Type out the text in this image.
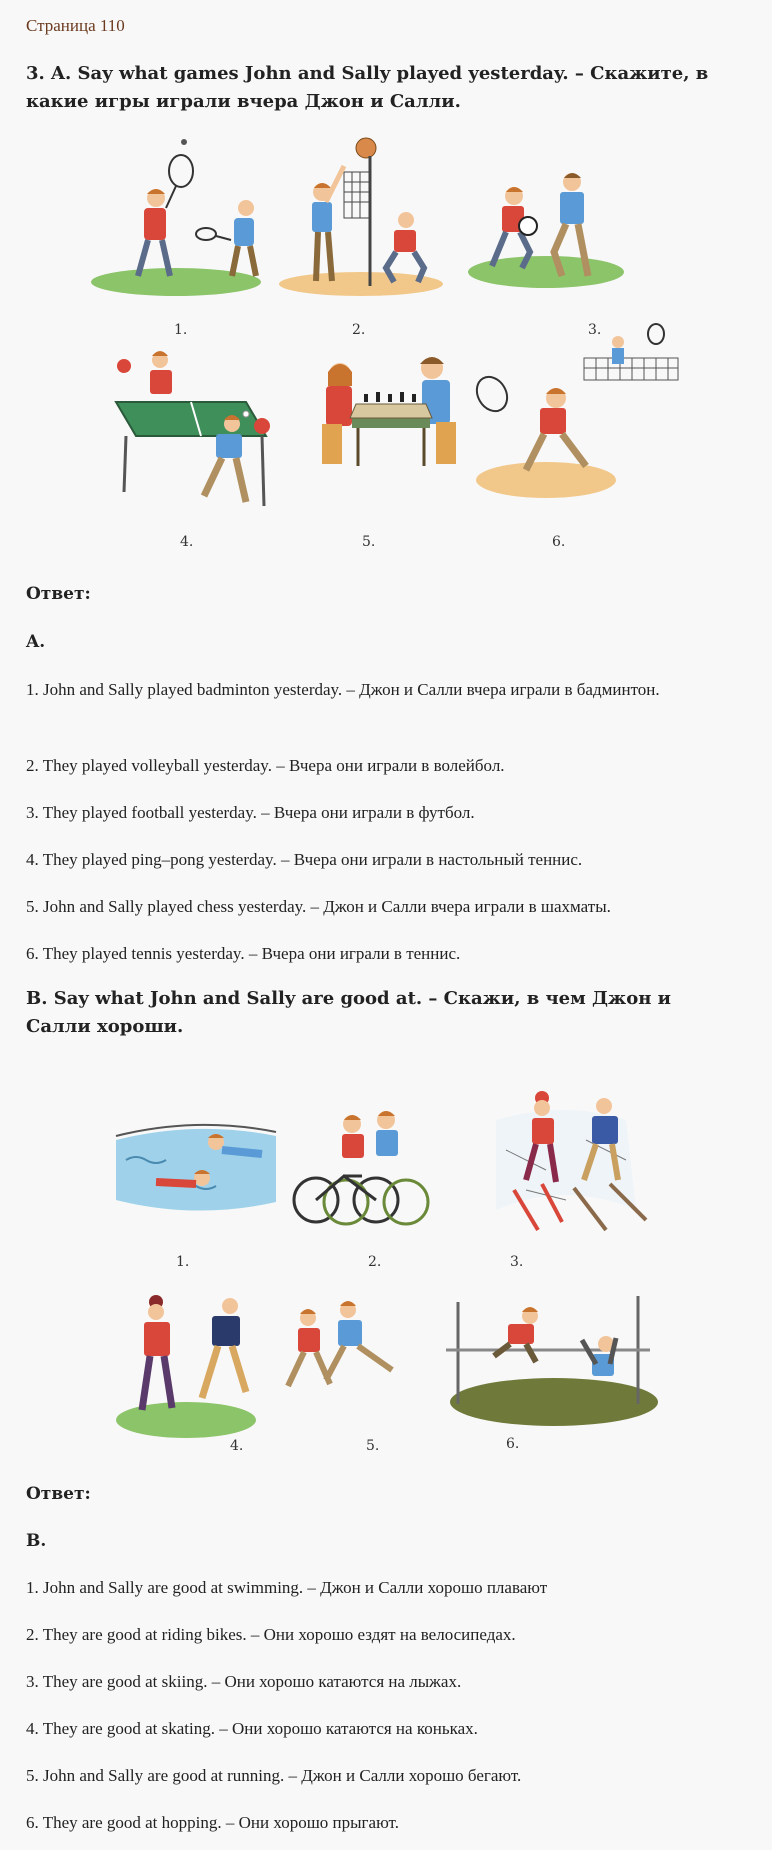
Страница 110
3. A. Say what games John and Sally played yesterday. – Скажите, в какие игры играли вчера Джон и Салли.
1.	2.	3.
4.	5.	6.
Ответ:
A.
1. John and Sally played badminton yesterday. – Джон и Салли вчера играли в бадминтон.
2. They played volleyball yesterday. – Вчера они играли в волейбол.
3. They played football yesterday. – Вчера они играли в футбол.
4. They played ping–pong yesterday. – Вчера они играли в настольный теннис.
5. John and Sally played chess yesterday. – Джон и Салли вчера играли в шахматы.
6. They played tennis yesterday. – Вчера они играли в теннис.
B. Say what John and Sally are good at. – Скажи, в чем Джон и Салли хороши.
1.	2.	3.
4.	5.	6.
Ответ:
B.
1. John and Sally are good at swimming. – Джон и Салли хорошо плавают
2. They are good at riding bikes. – Они хорошо ездят на велосипедах.
3. They are good at skiing. – Они хорошо катаются на лыжах.
4. They are good at skating. – Они хорошо катаются на коньках.
5. John and Sally are good at running. – Джон и Салли хорошо бегают.
6. They are good at hopping. – Они хорошо прыгают.
